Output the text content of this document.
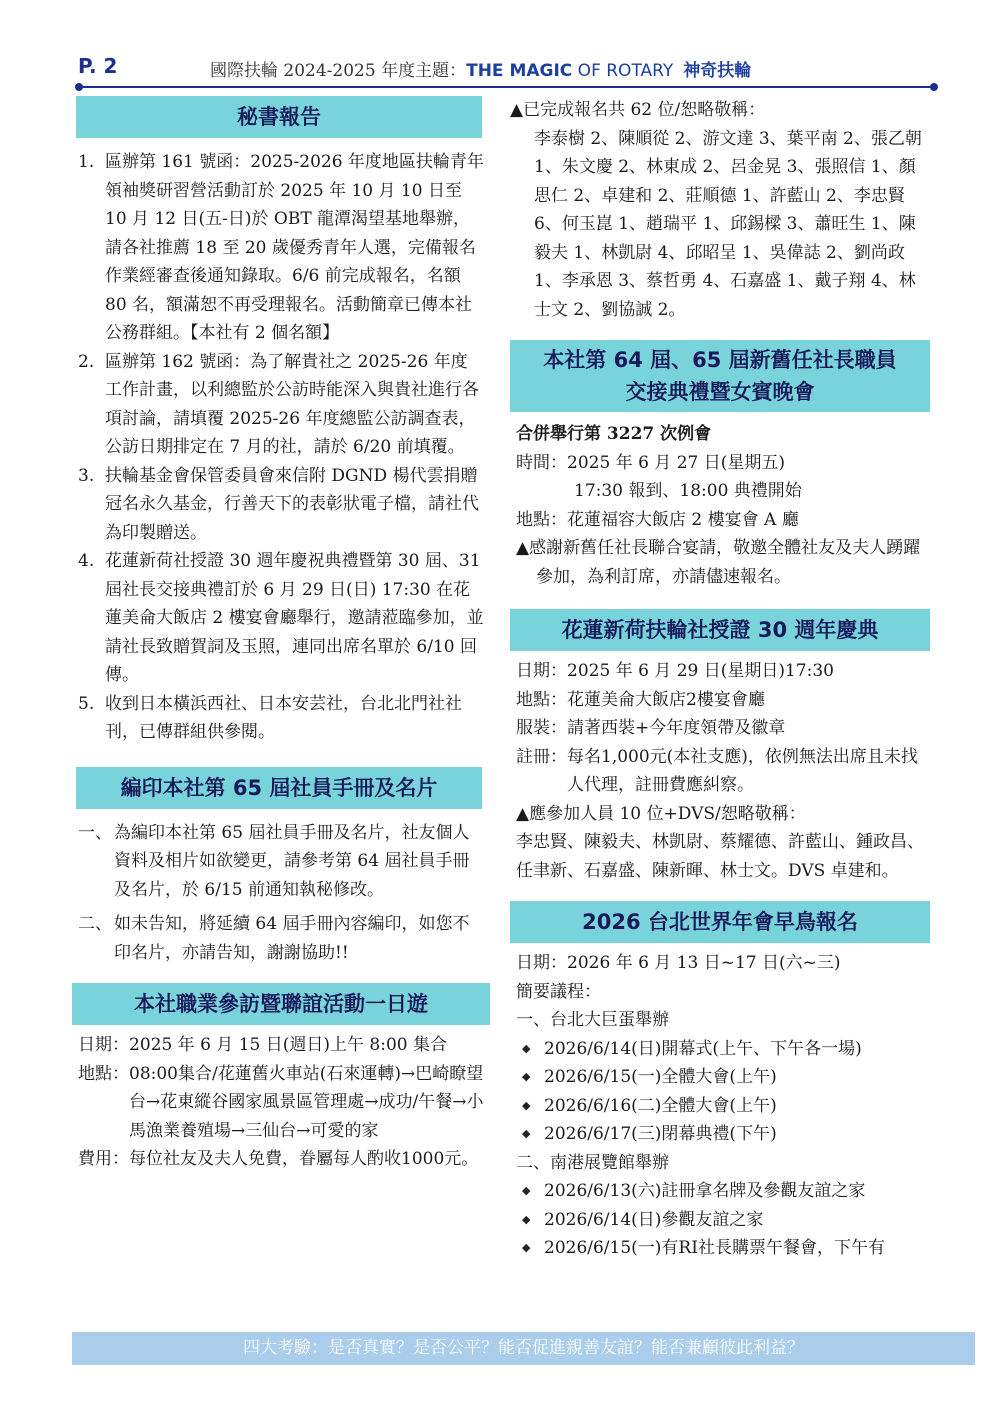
P. 2	國際扶輪 2024-2025 年度主題：THE MAGIC OF ROTARY 神奇扶輪
秘書報告
1. 區辦第 161 號函：2025-2026 年度地區扶輪青年領袖獎研習營活動訂於 2025 年 10 月 10 日至 10 月 12 日(五-日)於 OBT 龍潭渴望基地舉辦，請各社推薦 18 至 20 歲優秀青年人選，完備報名作業經審查後通知錄取。6/6 前完成報名，名額 80 名，額滿恕不再受理報名。活動簡章已傳本社公務群組。【本社有 2 個名額】
2. 區辦第 162 號函：為了解貴社之 2025-26 年度工作計畫，以利總監於公訪時能深入與貴社進行各項討論，請填覆 2025-26 年度總監公訪調查表，公訪日期排定在 7 月的社，請於 6/20 前填覆。
3. 扶輪基金會保管委員會來信附 DGND 楊代雲捐贈冠名永久基金，行善天下的表彰狀電子檔，請社代為印製贈送。
4. 花蓮新荷社授證 30 週年慶祝典禮暨第 30 屆、31 屆社長交接典禮訂於 6 月 29 日(日) 17:30 在花蓮美侖大飯店 2 樓宴會廳舉行，邀請蒞臨參加，並請社長致贈賀詞及玉照，連同出席名單於 6/10 回傳。
5. 收到日本橫浜西社、日本安芸社，台北北門社社刊，已傳群組供參閱。
編印本社第 65 屆社員手冊及名片
一、 為編印本社第 65 屆社員手冊及名片，社友個人資料及相片如欲變更，請參考第 64 屆社員手冊及名片，於 6/15 前通知執秘修改。
二、 如未告知，將延續 64 屆手冊內容編印，如您不印名片，亦請告知，謝謝協助!!
本社職業參訪暨聯誼活動一日遊
日期： 2025 年 6 月 15 日(週日)上午 8:00 集合
地點： 08:00集合/花蓮舊火車站(石來運轉)→巴崎瞭望台→花東縱谷國家風景區管理處→成功/午餐→小馬漁業養殖場→三仙台→可愛的家
費用： 每位社友及夫人免費，眷屬每人酌收1000元。
▲已完成報名共 62 位/恕略敬稱：
李泰樹 2、陳順從 2、游文達 3、葉平南 2、張乙朝 1、朱文慶 2、林東成 2、呂金晃 3、張照信 1、顏思仁 2、卓建和 2、莊順德 1、許藍山 2、李忠賢 6、何玉崑 1、趙瑞平 1、邱錫樑 3、蕭旺生 1、陳毅夫 1、林凱尉 4、邱昭呈 1、吳偉誌 2、劉尚政 1、李承恩 3、蔡哲勇 4、石嘉盛 1、戴子翔 4、林士文 2、劉協誠 2。
本社第 64 屆、65 屆新舊任社長職員
交接典禮暨女賓晚會
合併舉行第 3227 次例會
時間： 2025 年 6 月 27 日(星期五)
17:30 報到、18:00 典禮開始
地點： 花蓮福容大飯店 2 樓宴會 A 廳
▲感謝新舊任社長聯合宴請，敬邀全體社友及夫人踴躍參加，為利訂席，亦請儘速報名。
花蓮新荷扶輪社授證 30 週年慶典
日期： 2025 年 6 月 29 日(星期日)17:30
地點： 花蓮美侖大飯店2樓宴會廳
服裝： 請著西裝+今年度領帶及徽章
註冊： 每名1,000元(本社支應)，依例無法出席且未找人代理，註冊費應糾察。
▲應參加人員 10 位+DVS/恕略敬稱：
李忠賢、陳毅夫、林凱尉、蔡耀德、許藍山、鍾政昌、任聿新、石嘉盛、陳新暉、林士文。DVS 卓建和。
2026 台北世界年會早鳥報名
日期：2026 年 6 月 13 日~17 日(六~三)
簡要議程：
一、台北大巨蛋舉辦
◆ 2026/6/14(日)開幕式(上午、下午各一場)
◆ 2026/6/15(一)全體大會(上午)
◆ 2026/6/16(二)全體大會(上午)
◆ 2026/6/17(三)閉幕典禮(下午)
二、南港展覽館舉辦
◆ 2026/6/13(六)註冊拿名牌及參觀友誼之家
◆ 2026/6/14(日)參觀友誼之家
◆ 2026/6/15(一)有RI社長購票午餐會，下午有
四大考驗：是否真實？是否公平？能否促進親善友誼？能否兼顧彼此利益？
